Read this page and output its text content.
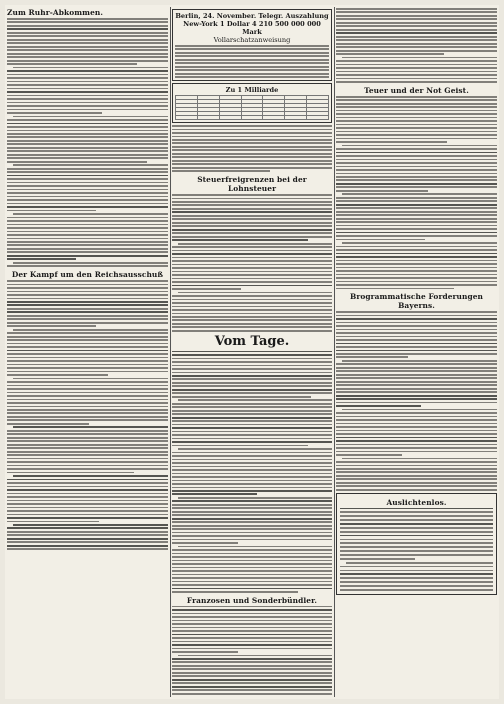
Zum Ruhr-Abkommen.
Der Kampf um den Reichsausschuß
Berlin, 24. November. Telegr. Auszahlung New-York 1 Dollar 4 210 500 000 000 Mark
Vollarschatzanweisung
Zu 1 Milliarde

Steuerfreigrenzen bei der Lohnsteuer
Vom Tage.
Franzosen und Sonderbündler.
Teuer und der Not Geist.
Brogrammatische Forderungen Bayerns.
Auslichtenlos.
